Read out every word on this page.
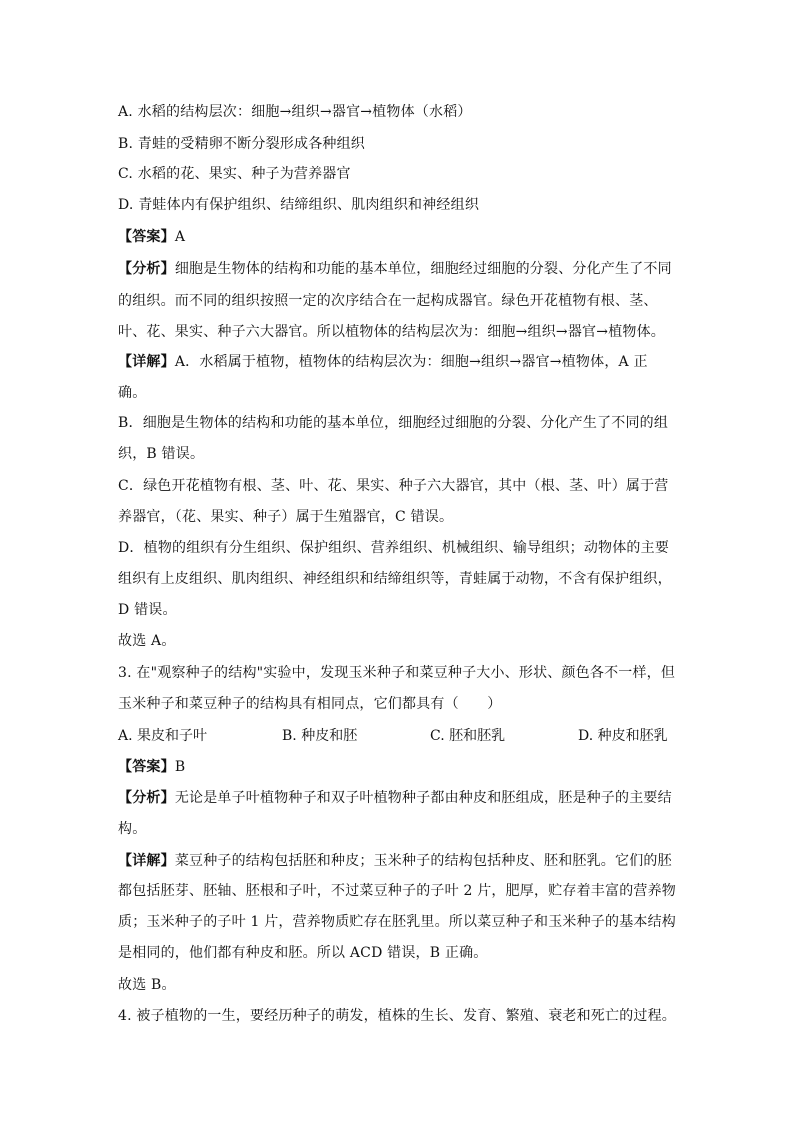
A. 水稻的结构层次：细胞→组织→器官→植物体（水稻）
B. 青蛙的受精卵不断分裂形成各种组织
C. 水稻的花、果实、种子为营养器官
D. 青蛙体内有保护组织、结缔组织、肌肉组织和神经组织
【答案】A
【分析】细胞是生物体的结构和功能的基本单位，细胞经过细胞的分裂、分化产生了不同
的组织。而不同的组织按照一定的次序结合在一起构成器官。绿色开花植物有根、茎、
叶、花、果实、种子六大器官。所以植物体的结构层次为：细胞→组织→器官→植物体。
【详解】A．水稻属于植物，植物体的结构层次为：细胞→组织→器官→植物体，A 正
确。
B．细胞是生物体的结构和功能的基本单位，细胞经过细胞的分裂、分化产生了不同的组
织，B 错误。
C．绿色开花植物有根、茎、叶、花、果实、种子六大器官，其中（根、茎、叶）属于营
养器官，（花、果实、种子）属于生殖器官，C 错误。
D．植物的组织有分生组织、保护组织、营养组织、机械组织、输导组织；动物体的主要
组织有上皮组织、肌肉组织、神经组织和结缔组织等，青蛙属于动物，不含有保护组织，
D 错误。
故选 A。
3. 在"观察种子的结构"实验中，发现玉米种子和菜豆种子大小、形状、颜色各不一样，但
玉米种子和菜豆种子的结构具有相同点，它们都具有（　　）
A. 果皮和子叶	B. 种皮和胚	C. 胚和胚乳	D. 种皮和胚乳
【答案】B
【分析】无论是单子叶植物种子和双子叶植物种子都由种皮和胚组成，胚是种子的主要结
构。
【详解】菜豆种子的结构包括胚和种皮；玉米种子的结构包括种皮、胚和胚乳。它们的胚
都包括胚芽、胚轴、胚根和子叶，不过菜豆种子的子叶 2 片，肥厚，贮存着丰富的营养物
质；玉米种子的子叶 1 片，营养物质贮存在胚乳里。所以菜豆种子和玉米种子的基本结构
是相同的，他们都有种皮和胚。所以 ACD 错误，B 正确。
故选 B。
4. 被子植物的一生，要经历种子的萌发，植株的生长、发育、繁殖、衰老和死亡的过程。
